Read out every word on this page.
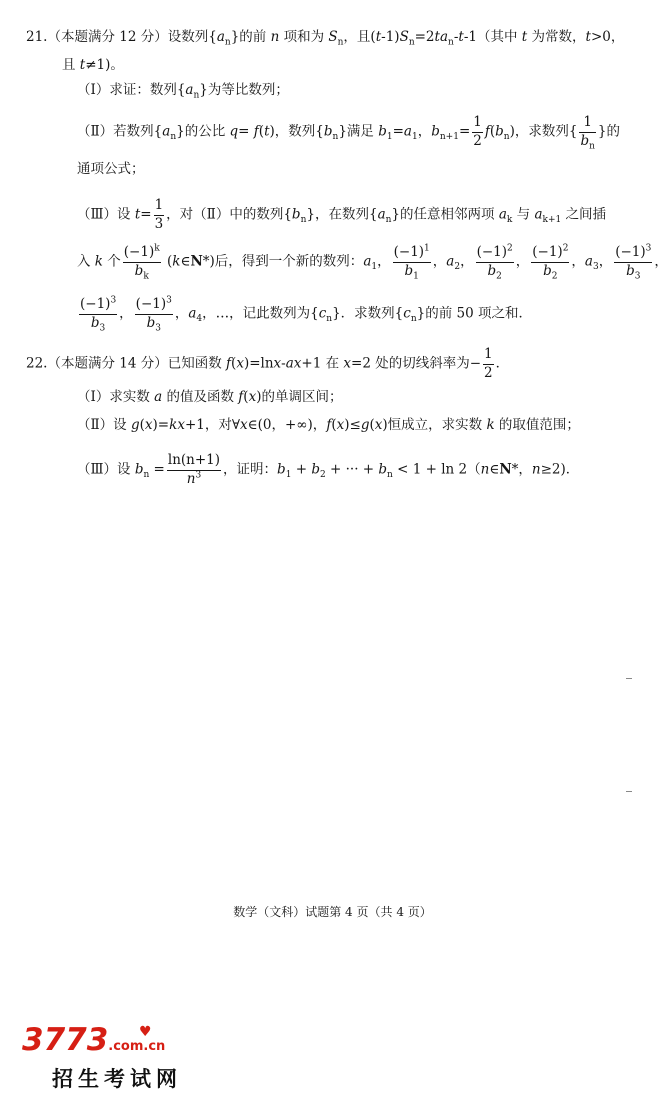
21.（本题满分 12 分）设数列$\{a_n\}$的前 n 项和为 $S_n$，且$(t-1)S_n=2ta_n-t-1$（其中 t 为常数，t>0，
且 t≠1)。
（Ⅰ）求证：数列$\{a_n\}$为等比数列；
（Ⅱ）若数列$\{a_n\}$的公比 q= f(t)，数列$\{b_n\}$满足 $b_1=a_1$，$b_{n+1}= \frac{1}{2} f(b_n)$，求数列{ $\frac{1}{b_n}$ }的
通项公式；
（Ⅲ）设 $t= \frac{1}{3}$ ，对（Ⅱ）中的数列$\{b_n\}$，在数列$\{a_n\}$的任意相邻两项 $a_k$ 与 $a_{k+1}$ 之间插
入 k 个 $\frac{(-1)^k}{b_k}$ (k∈N*)后，得到一个新的数列：$a_1$， $\frac{(-1)^1}{b_1}$ ，$a_2$， $\frac{(-1)^2}{b_2}$ ， $\frac{(-1)^2}{b_2}$ ，$a_3$， $\frac{(-1)^3}{b_3}$ ，
$\frac{(-1)^3}{b_3}$ ， $\frac{(-1)^3}{b_3}$ ，$a_4$，…，记此数列为$\{c_n\}$．求数列$\{c_n\}$的前 50 项之和．
22.（本题满分 14 分）已知函数 f(x)=lnx-ax+1 在 x=2 处的切线斜率为− $\frac{1}{2}$ ．
（Ⅰ）求实数 a 的值及函数 f(x)的单调区间；
（Ⅱ）设 g(x)=kx+1，对∀x∈(0，+∞)，f(x)≤g(x)恒成立，求实数 k 的取值范围；
（Ⅲ）设 $b_n = \frac{\ln(n+1)}{n^3}$ ，证明：$b_1 + b_2$ + ··· + $b_n < 1 + \ln$ 2（n∈N*，n≥2)．
数学（文科）试题第 4 页（共 4 页）
3773.com.cn
♥
招生考试网
